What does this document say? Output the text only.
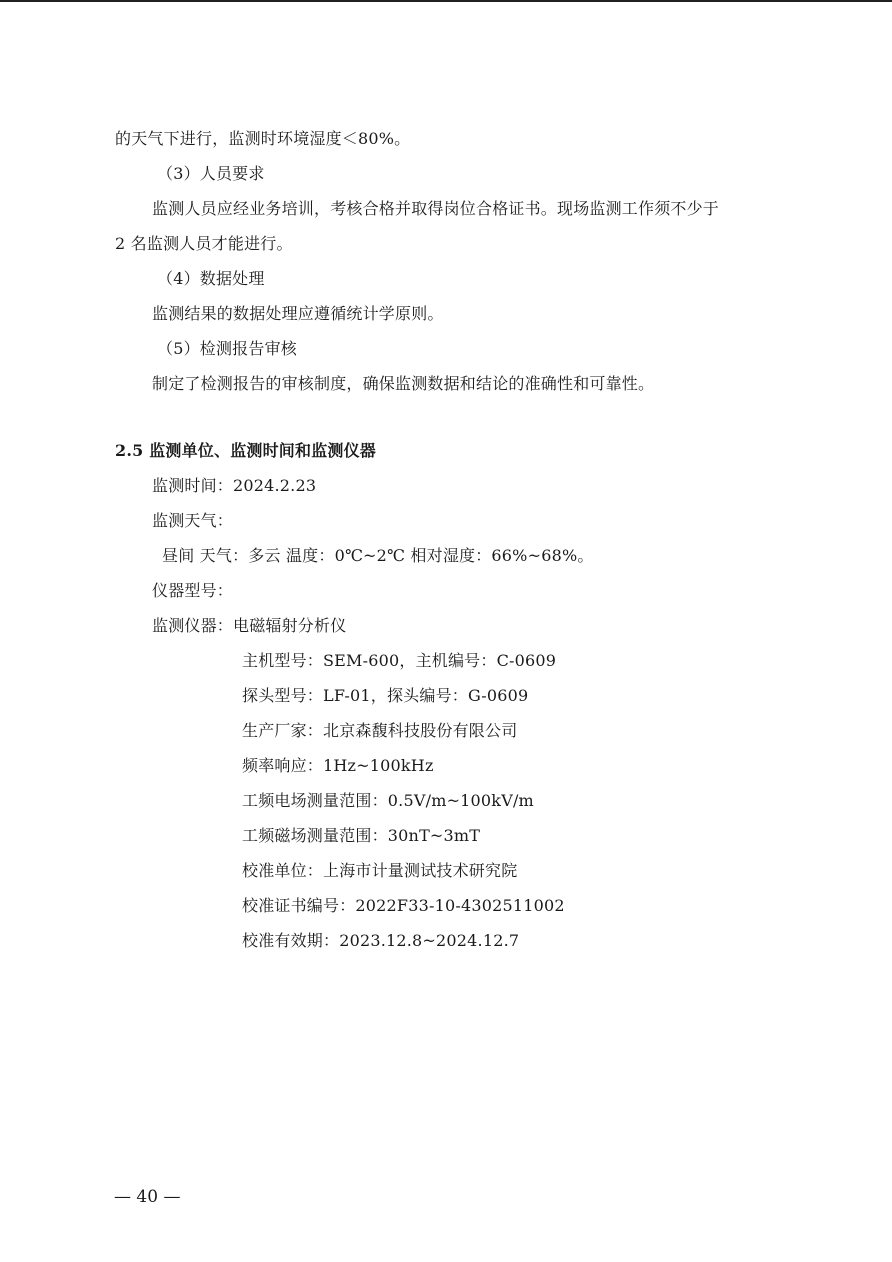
的天气下进行，监测时环境湿度＜80%。
（3）人员要求
监测人员应经业务培训，考核合格并取得岗位合格证书。现场监测工作须不少于
2 名监测人员才能进行。
（4）数据处理
监测结果的数据处理应遵循统计学原则。
（5）检测报告审核
制定了检测报告的审核制度，确保监测数据和结论的准确性和可靠性。
2.5 监测单位、监测时间和监测仪器
监测时间：2024.2.23
监测天气：
昼间 天气：多云 温度：0℃~2℃ 相对湿度：66%~68%。
仪器型号：
监测仪器：电磁辐射分析仪
主机型号：SEM-600，主机编号：C-0609
探头型号：LF-01，探头编号：G-0609
生产厂家：北京森馥科技股份有限公司
频率响应：1Hz~100kHz
工频电场测量范围：0.5V/m~100kV/m
工频磁场测量范围：30nT~3mT
校准单位：上海市计量测试技术研究院
校准证书编号：2022F33-10-4302511002
校准有效期：2023.12.8~2024.12.7
— 40 —
